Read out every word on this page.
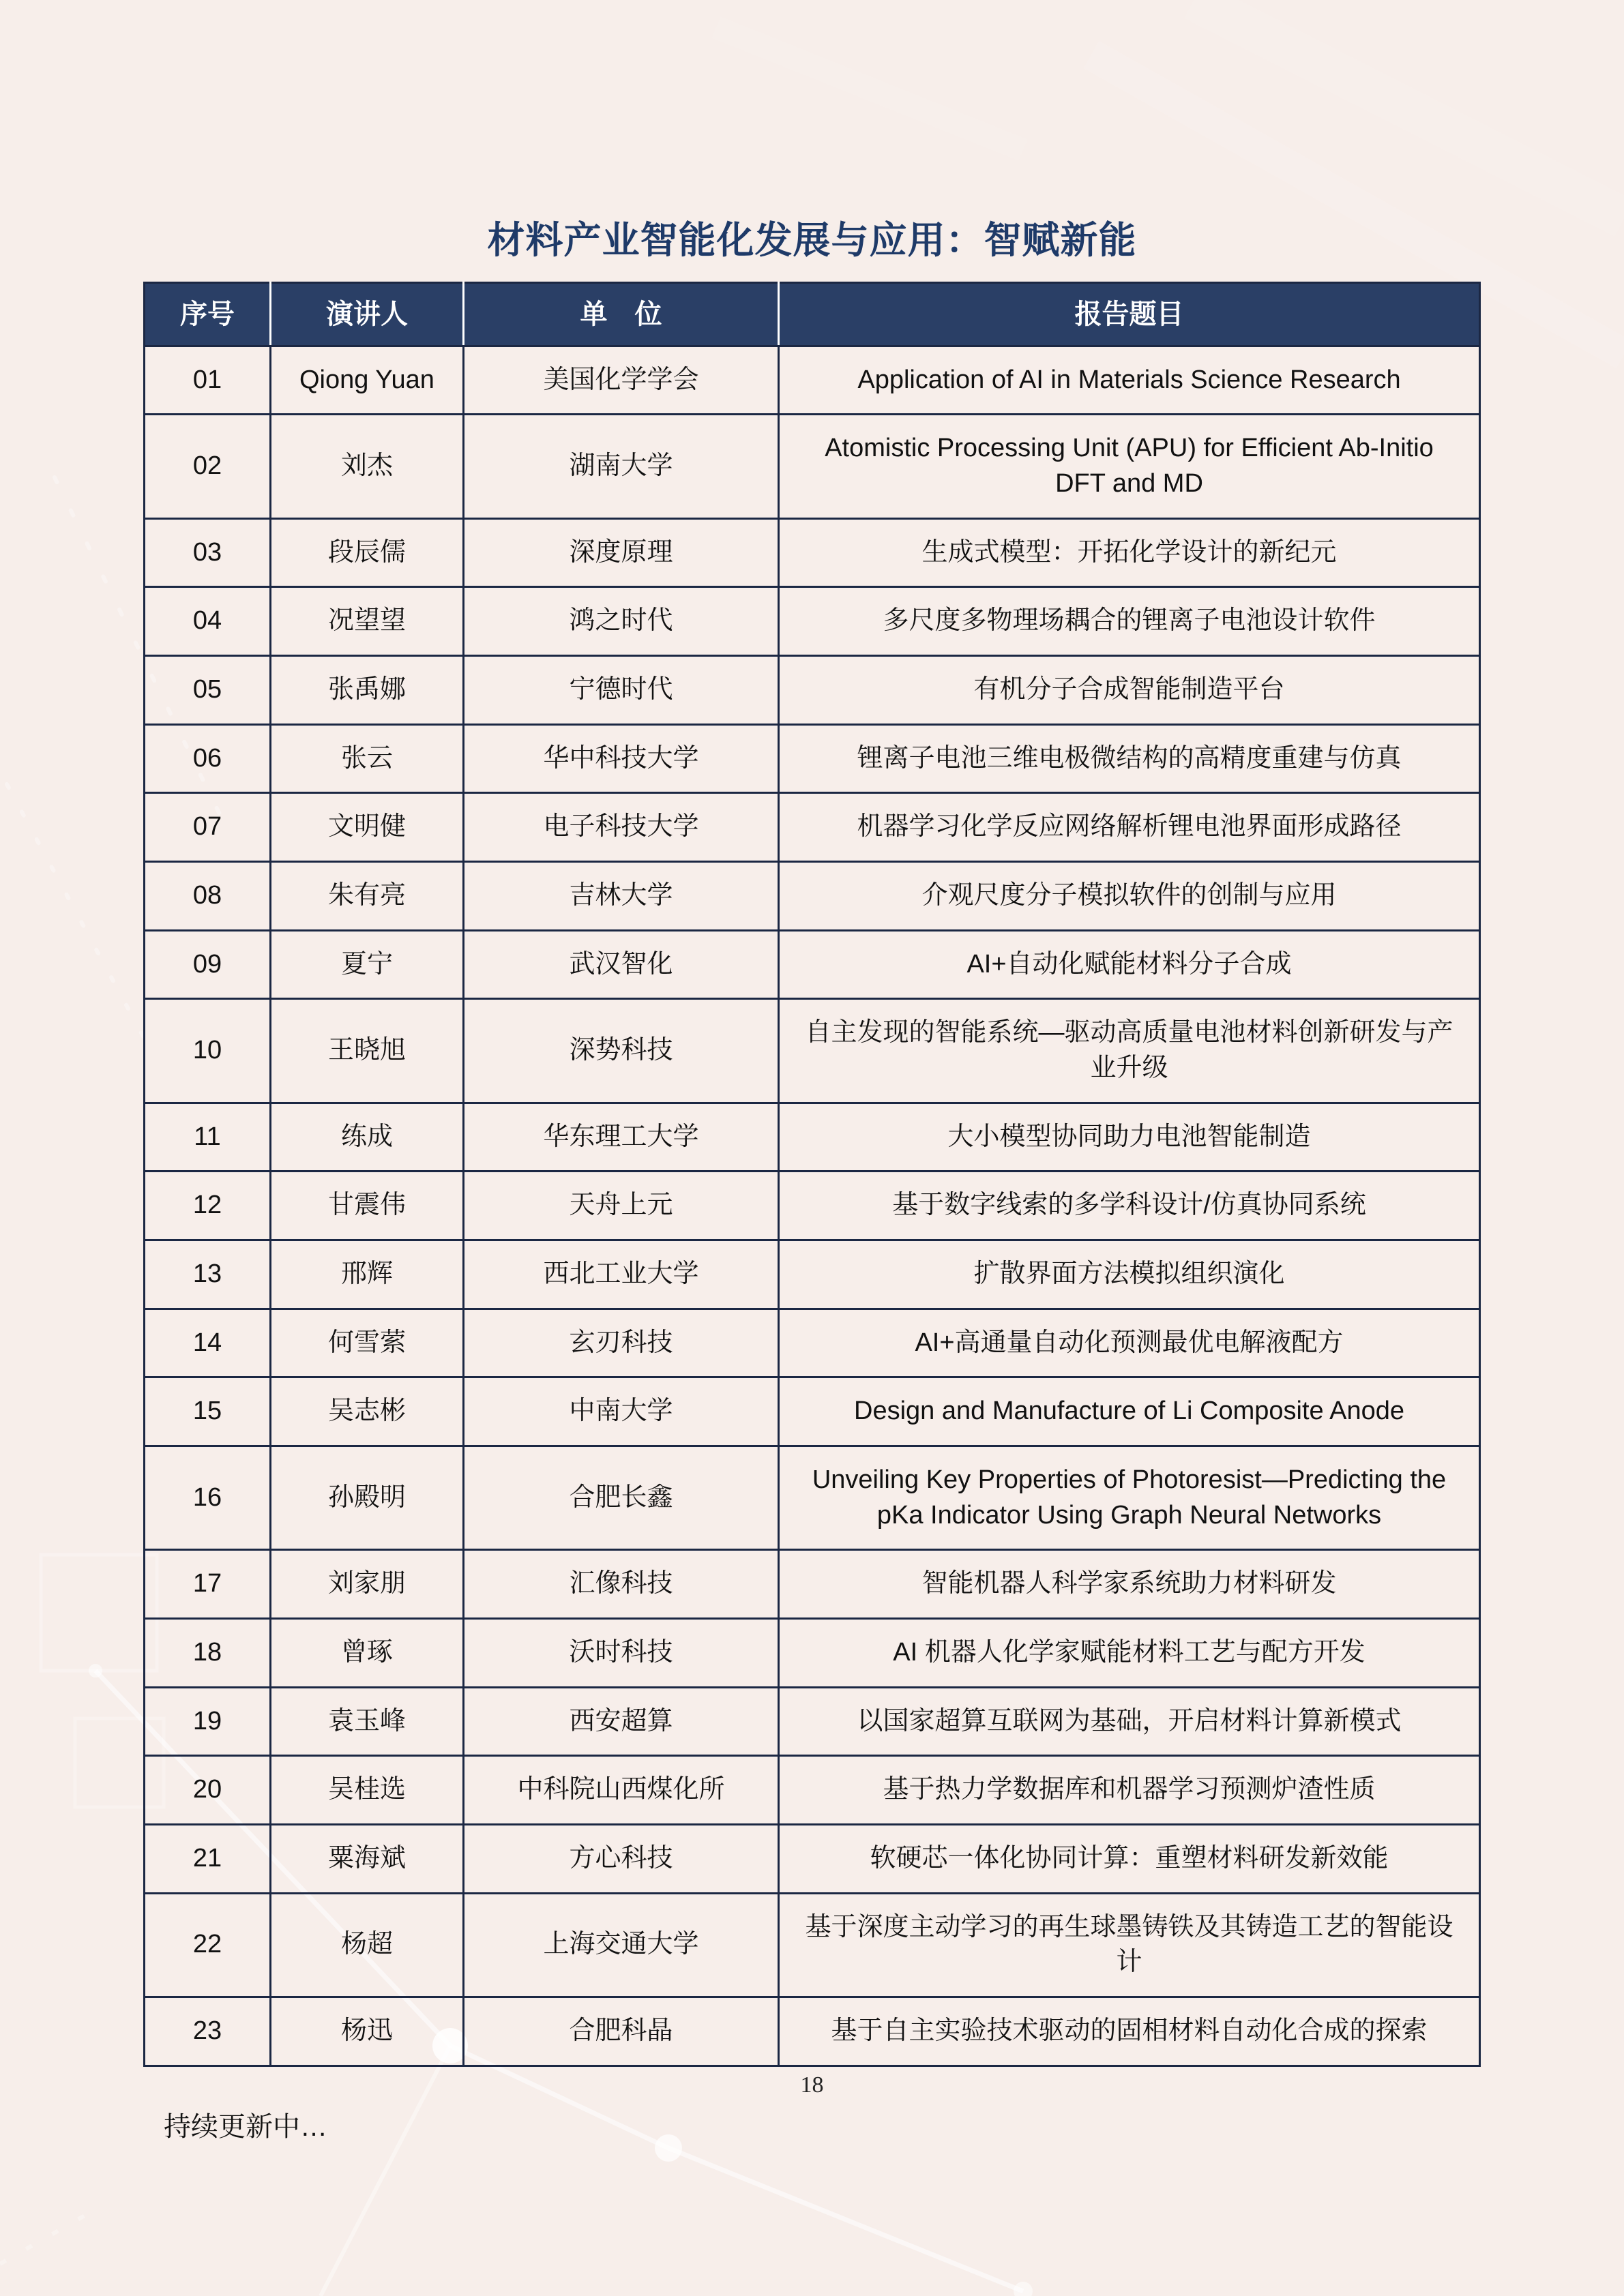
材料产业智能化发展与应用：智赋新能
序号	演讲人	单　位	报告题目
01	Qiong Yuan	美国化学学会	Application of AI in Materials Science Research
02	刘杰	湖南大学	Atomistic Processing Unit (APU) for Efficient Ab-Initio DFT and MD
03	段辰儒	深度原理	生成式模型：开拓化学设计的新纪元
04	况望望	鸿之时代	多尺度多物理场耦合的锂离子电池设计软件
05	张禹娜	宁德时代	有机分子合成智能制造平台
06	张云	华中科技大学	锂离子电池三维电极微结构的高精度重建与仿真
07	文明健	电子科技大学	机器学习化学反应网络解析锂电池界面形成路径
08	朱有亮	吉林大学	介观尺度分子模拟软件的创制与应用
09	夏宁	武汉智化	AI+自动化赋能材料分子合成
10	王晓旭	深势科技	自主发现的智能系统—驱动高质量电池材料创新研发与产业升级
11	练成	华东理工大学	大小模型协同助力电池智能制造
12	甘震伟	天舟上元	基于数字线索的多学科设计/仿真协同系统
13	邢辉	西北工业大学	扩散界面方法模拟组织演化
14	何雪萦	玄刃科技	AI+高通量自动化预测最优电解液配方
15	吴志彬	中南大学	Design and Manufacture of Li Composite Anode
16	孙殿明	合肥长鑫	Unveiling Key Properties of Photoresist—Predicting the pKa Indicator Using Graph Neural Networks
17	刘家朋	汇像科技	智能机器人科学家系统助力材料研发
18	曾琢	沃时科技	AI 机器人化学家赋能材料工艺与配方开发
19	袁玉峰	西安超算	以国家超算互联网为基础，开启材料计算新模式
20	吴桂选	中科院山西煤化所	基于热力学数据库和机器学习预测炉渣性质
21	粟海斌	方心科技	软硬芯一体化协同计算：重塑材料研发新效能
22	杨超	上海交通大学	基于深度主动学习的再生球墨铸铁及其铸造工艺的智能设计
23	杨迅	合肥科晶	基于自主实验技术驱动的固相材料自动化合成的探索
18
持续更新中…
